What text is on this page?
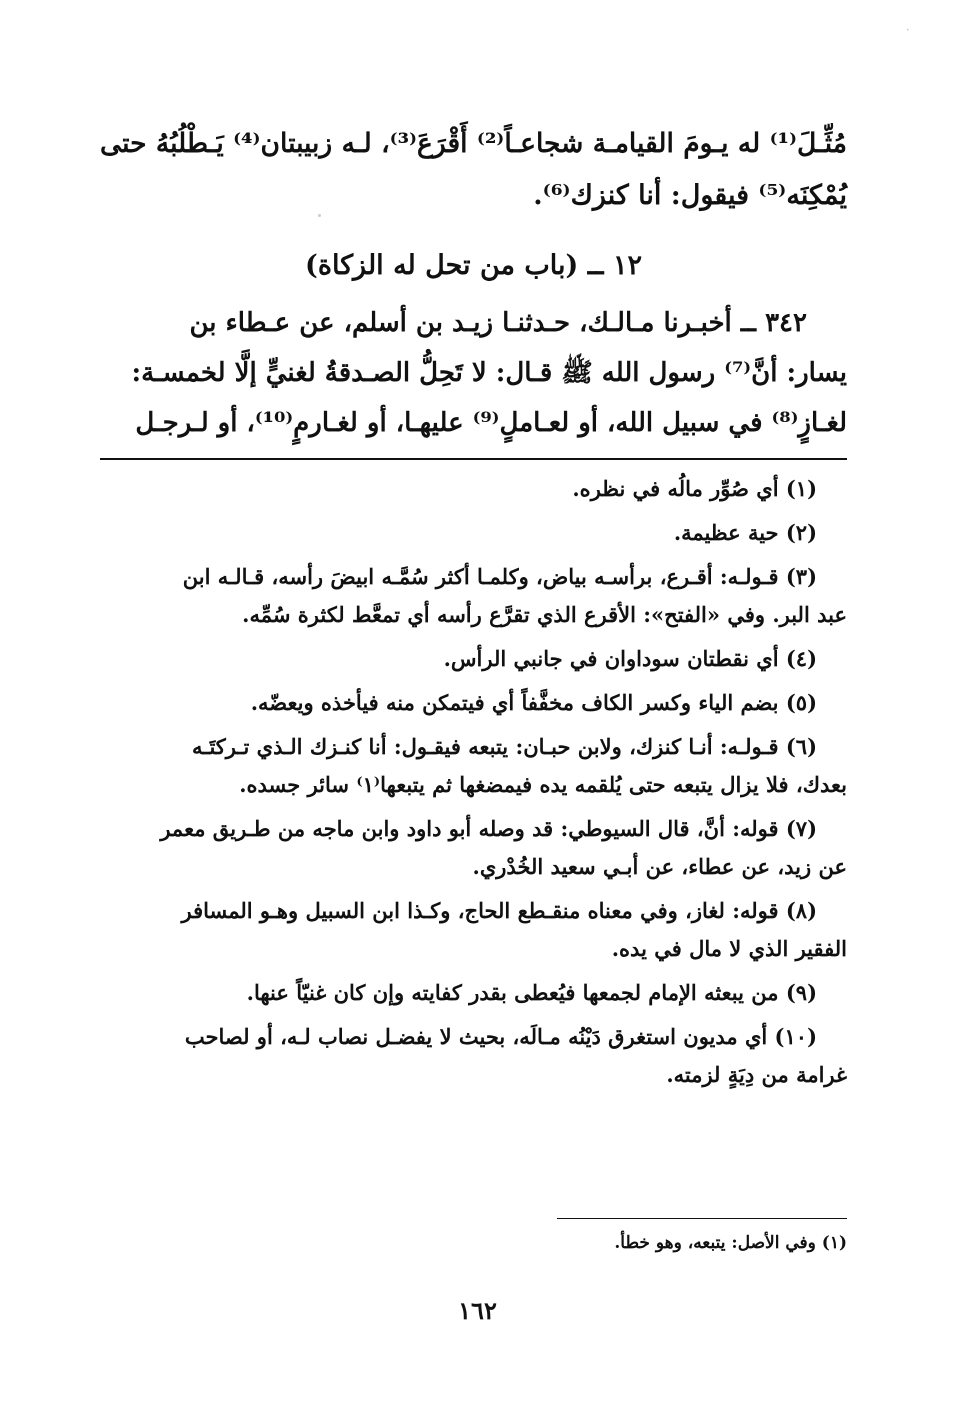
۰
مُثِّـلَ⁽¹⁾ له يـومَ القيامـة شجاعـاً⁽²⁾ أَقْرَعَ⁽³⁾، لـه زبيبتان⁽⁴⁾ يَـطْلُبُهُ حتى
يُمْكِنَه⁽⁵⁾ فيقول: أنا كنزك⁽⁶⁾.
١٢ ــ (باب من تحل له الزكاة)
٣٤٢ ــ أخبـرنا مـالـك، حـدثنـا زيـد بن أسلم، عن عـطاء بن
يسار: أنَّ⁽⁷⁾ رسول الله ﷺ قـال: لا تَحِلُّ الصـدقةُ لغنيٍّ إلَّا لخمسـة:
لغـازٍ⁽⁸⁾ في سبيل الله، أو لعـاملٍ⁽⁹⁾ عليهـا، أو لغـارمٍ⁽¹⁰⁾، أو لـرجـل
(١) أي صُوِّر مالُه في نظره.
(٢) حية عظيمة.
(٣) قـولـه: أقـرع، برأسـه بياض، وكلمـا أكثر سُمَّـه ابيضَ رأسه، قـالـه ابن
عبد البر. وفي «الفتح»: الأقرع الذي تقرَّع رأسه أي تمعَّط لكثرة سُمِّه.
(٤) أي نقطتان سوداوان في جانبي الرأس.
(٥) بضم الياء وكسر الكاف مخفَّفاً أي فيتمكن منه فيأخذه ويعضّه.
(٦) قـولـه: أنـا كنزك، ولابن حبـان: يتبعه فيقـول: أنا كنـزك الـذي تـركتَـه
بعدك، فلا يزال يتبعه حتى يُلقمه يده فيمضغها ثم يتبعها⁽١⁾ سائر جسده.
(٧) قوله: أنَّ، قال السيوطي: قد وصله أبو داود وابن ماجه من طـريق معمر
عن زيد، عن عطاء، عن أبـي سعيد الخُدْري.
(٨) قوله: لغاز، وفي معناه منقـطع الحاج، وكـذا ابن السبيل وهـو المسافر
الفقير الذي لا مال في يده.
(٩) من يبعثه الإمام لجمعها فيُعطى بقدر كفايته وإن كان غنيّاً عنها.
(١٠) أي مديون استغرق دَيْنُه مـالَه، بحيث لا يفضـل نصاب لـه، أو لصاحب
غرامة من دِيَةٍ لزمته.
(١) وفي الأصل: يتبعه، وهو خطأ.
١٦٢
